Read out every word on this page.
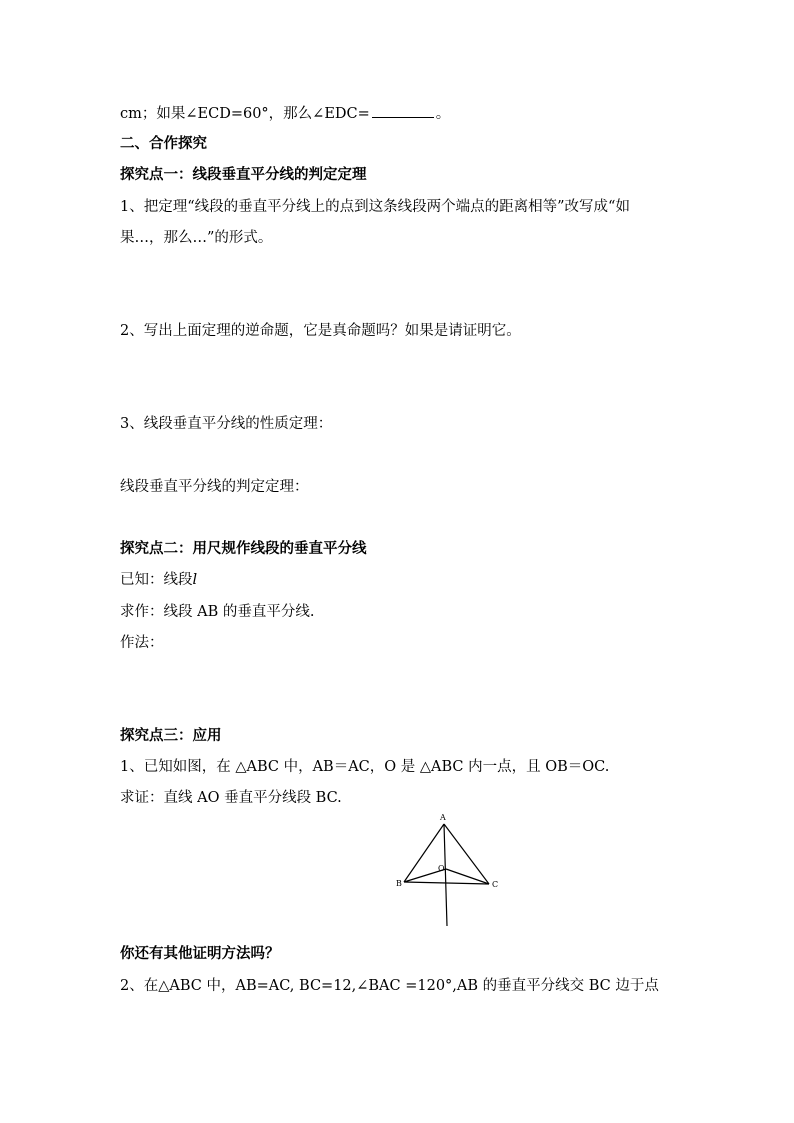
cm；如果∠ECD=60°，那么∠EDC=	。
二、合作探究
探究点一：线段垂直平分线的判定定理
1、把定理“线段的垂直平分线上的点到这条线段两个端点的距离相等”改写成“如
果…，那么…”的形式。
2、写出上面定理的逆命题，它是真命题吗？如果是请证明它。
3、线段垂直平分线的性质定理：
线段垂直平分线的判定定理：
探究点二：用尺规作线段的垂直平分线
已知：线段l
求作：线段 AB 的垂直平分线.
作法：
探究点三：应用
1、已知如图，在 △ABC 中，AB＝AC，O 是 △ABC 内一点，且 OB＝OC.
求证：直线 AO 垂直平分线段 BC.
A
B	C
O
你还有其他证明方法吗？
2、在△ABC 中，AB=AC, BC=12,∠BAC =120°,AB 的垂直平分线交 BC 边于点
